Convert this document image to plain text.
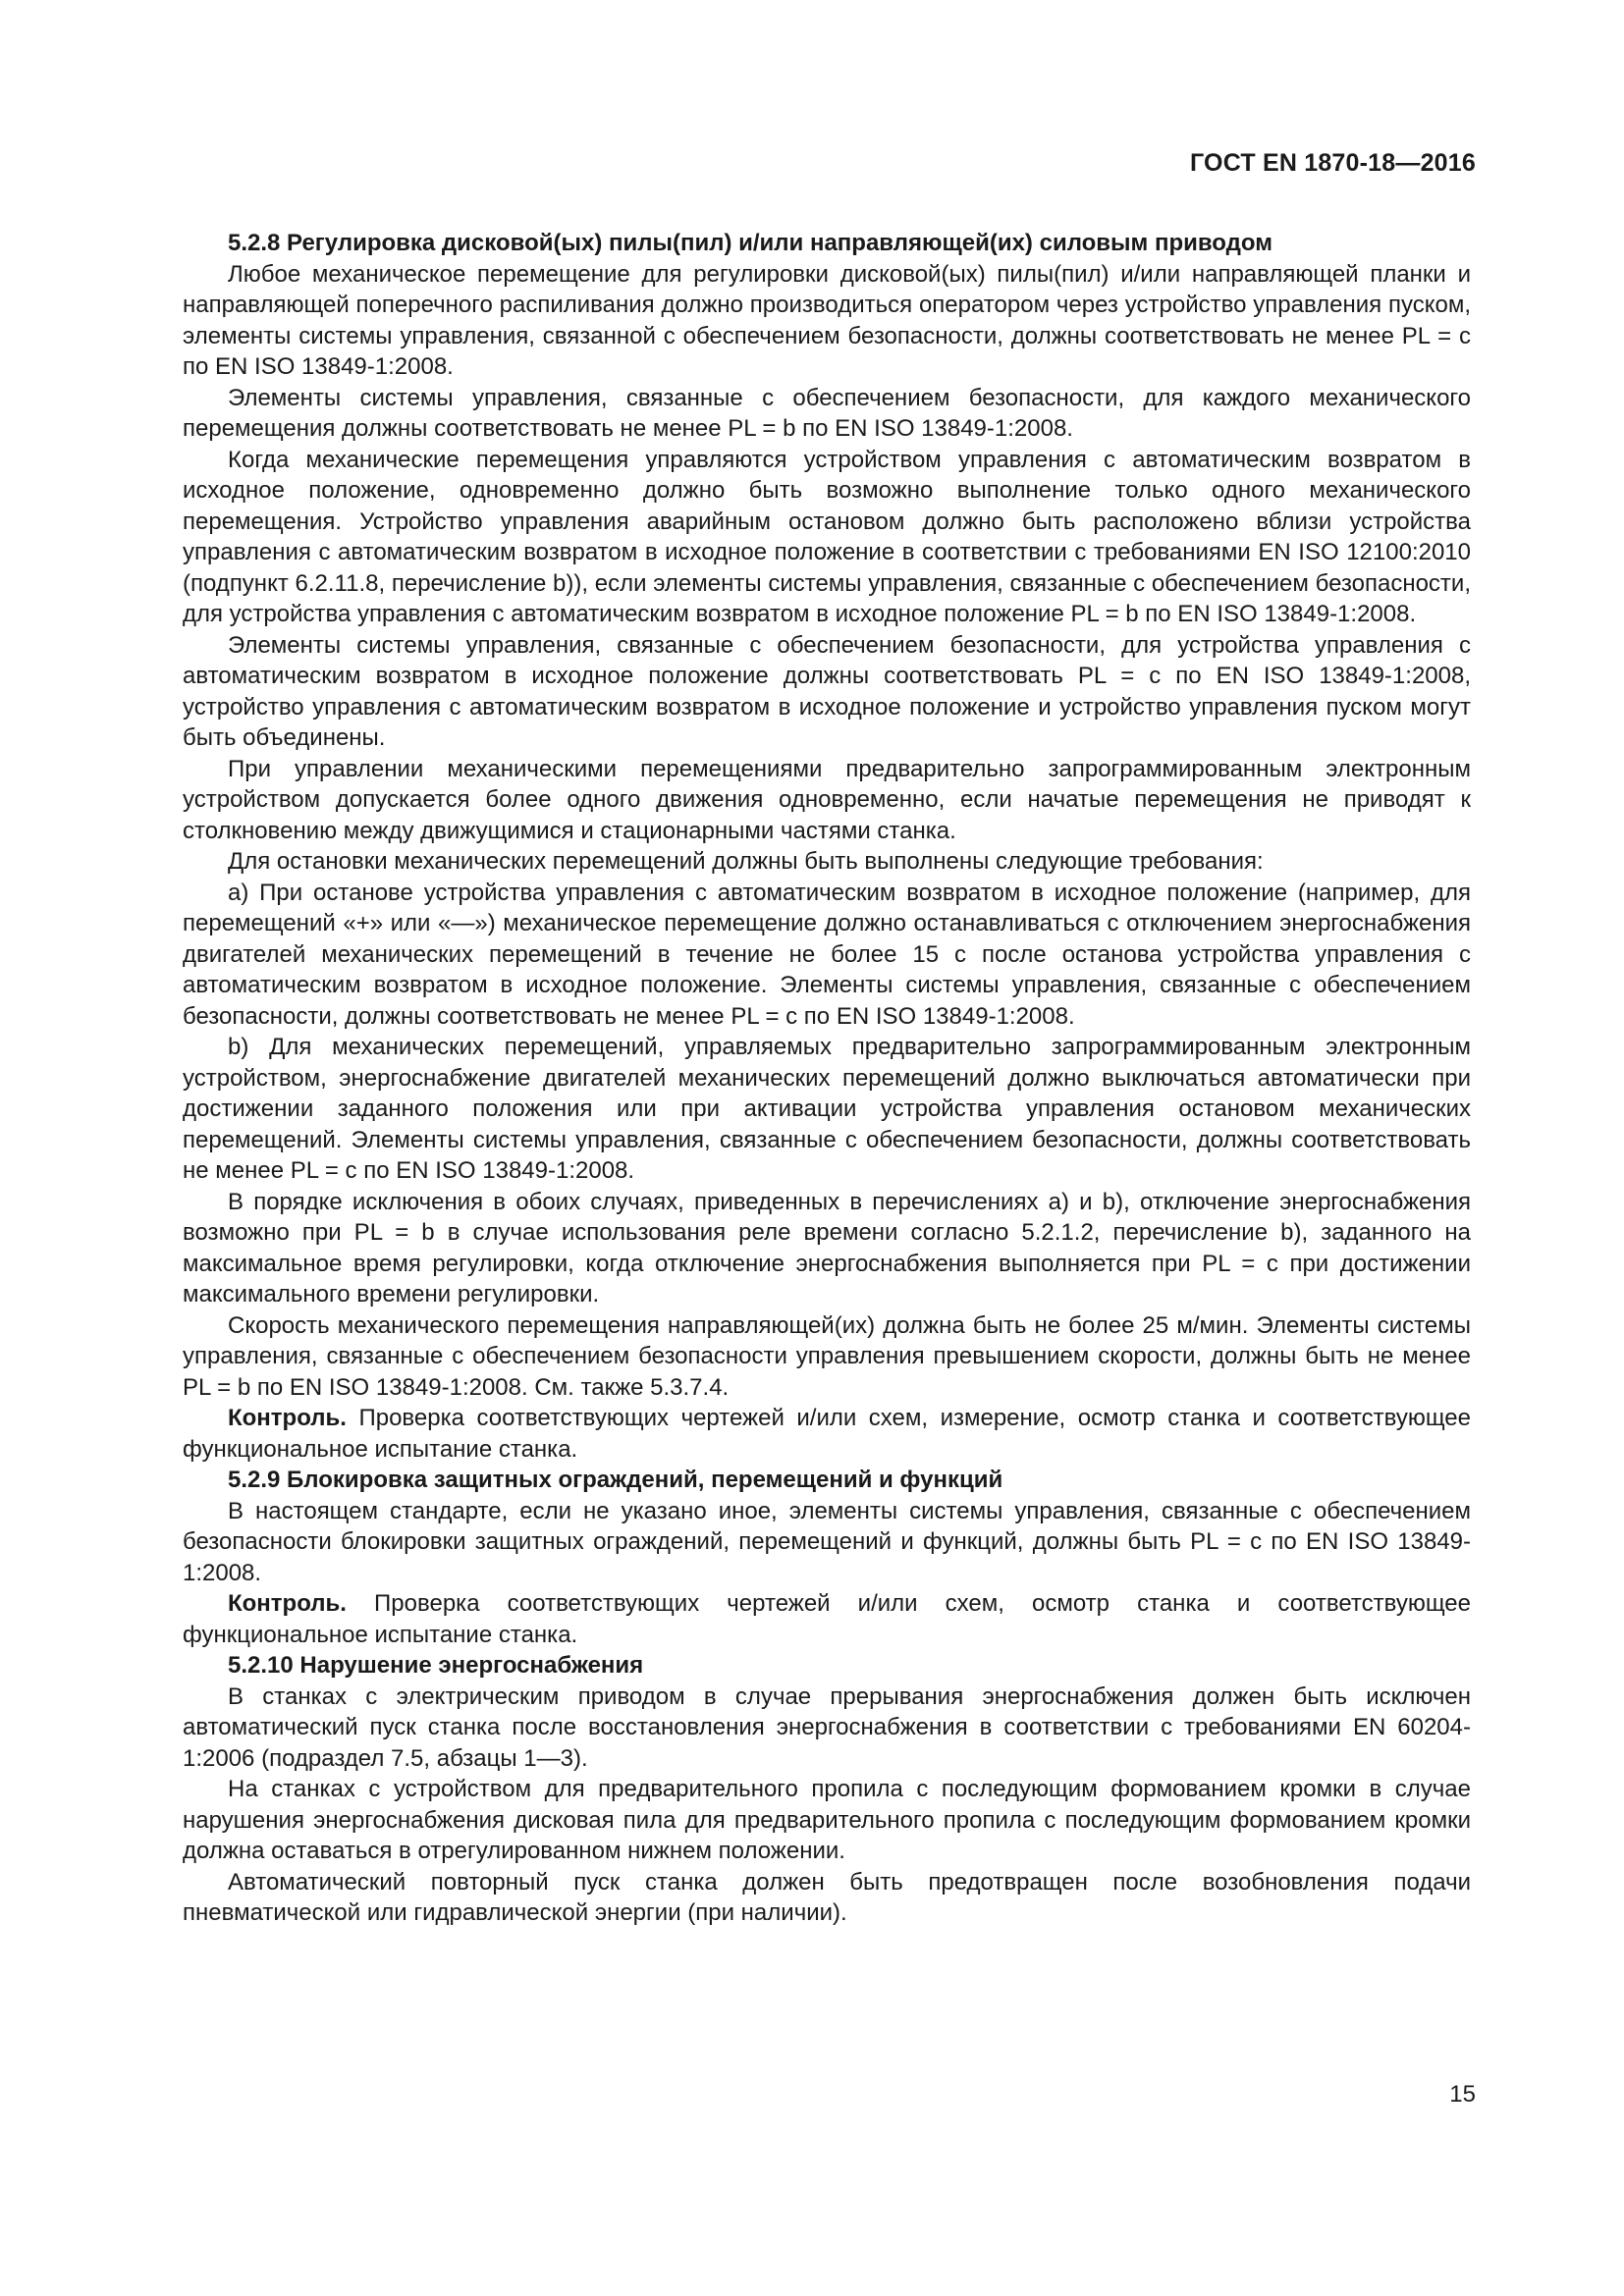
ГОСТ EN 1870-18—2016

5.2.8 Регулировка дисковой(ых) пилы(пил) и/или направляющей(их) силовым приводом

Любое механическое перемещение для регулировки дисковой(ых) пилы(пил) и/или направляющей планки и направляющей поперечного распиливания должно производиться оператором через устройство управления пуском, элементы системы управления, связанной с обеспечением безопасности, должны соответствовать не менее PL = c по EN ISO 13849-1:2008.

Элементы системы управления, связанные с обеспечением безопасности, для каждого механического перемещения должны соответствовать не менее PL = b по EN ISO 13849-1:2008.

Когда механические перемещения управляются устройством управления с автоматическим возвратом в исходное положение, одновременно должно быть возможно выполнение только одного механического перемещения. Устройство управления аварийным остановом должно быть расположено вблизи устройства управления с автоматическим возвратом в исходное положение в соответствии с требованиями EN ISO 12100:2010 (подпункт 6.2.11.8, перечисление b)), если элементы системы управления, связанные с обеспечением безопасности, для устройства управления с автоматическим возвратом в исходное положение PL = b по EN ISO 13849-1:2008.

Элементы системы управления, связанные с обеспечением безопасности, для устройства управления с автоматическим возвратом в исходное положение должны соответствовать PL = c по EN ISO 13849-1:2008, устройство управления с автоматическим возвратом в исходное положение и устройство управления пуском могут быть объединены.

При управлении механическими перемещениями предварительно запрограммированным электронным устройством допускается более одного движения одновременно, если начатые перемещения не приводят к столкновению между движущимися и стационарными частями станка.

Для остановки механических перемещений должны быть выполнены следующие требования:

a) При останове устройства управления с автоматическим возвратом в исходное положение (например, для перемещений «+» или «—») механическое перемещение должно останавливаться с отключением энергоснабжения двигателей механических перемещений в течение не более 15 с после останова устройства управления с автоматическим возвратом в исходное положение. Элементы системы управления, связанные с обеспечением безопасности, должны соответствовать не менее PL = c по EN ISO 13849-1:2008.

b) Для механических перемещений, управляемых предварительно запрограммированным электронным устройством, энергоснабжение двигателей механических перемещений должно выключаться автоматически при достижении заданного положения или при активации устройства управления остановом механических перемещений. Элементы системы управления, связанные с обеспечением безопасности, должны соответствовать не менее PL = c по EN ISO 13849-1:2008.

В порядке исключения в обоих случаях, приведенных в перечислениях a) и b), отключение энергоснабжения возможно при PL = b в случае использования реле времени согласно 5.2.1.2, перечисление b), заданного на максимальное время регулировки, когда отключение энергоснабжения выполняется при PL = c при достижении максимального времени регулировки.

Скорость механического перемещения направляющей(их) должна быть не более 25 м/мин. Элементы системы управления, связанные с обеспечением безопасности управления превышением скорости, должны быть не менее PL = b по EN ISO 13849-1:2008. См. также 5.3.7.4.

Контроль. Проверка соответствующих чертежей и/или схем, измерение, осмотр станка и соответствующее функциональное испытание станка.

5.2.9 Блокировка защитных ограждений, перемещений и функций

В настоящем стандарте, если не указано иное, элементы системы управления, связанные с обеспечением безопасности блокировки защитных ограждений, перемещений и функций, должны быть PL = c по EN ISO 13849-1:2008.

Контроль. Проверка соответствующих чертежей и/или схем, осмотр станка и соответствующее функциональное испытание станка.

5.2.10 Нарушение энергоснабжения

В станках с электрическим приводом в случае прерывания энергоснабжения должен быть исключен автоматический пуск станка после восстановления энергоснабжения в соответствии с требованиями EN 60204-1:2006 (подраздел 7.5, абзацы 1—3).

На станках с устройством для предварительного пропила с последующим формованием кромки в случае нарушения энергоснабжения дисковая пила для предварительного пропила с последующим формованием кромки должна оставаться в отрегулированном нижнем положении.

Автоматический повторный пуск станка должен быть предотвращен после возобновления подачи пневматической или гидравлической энергии (при наличии).

15
